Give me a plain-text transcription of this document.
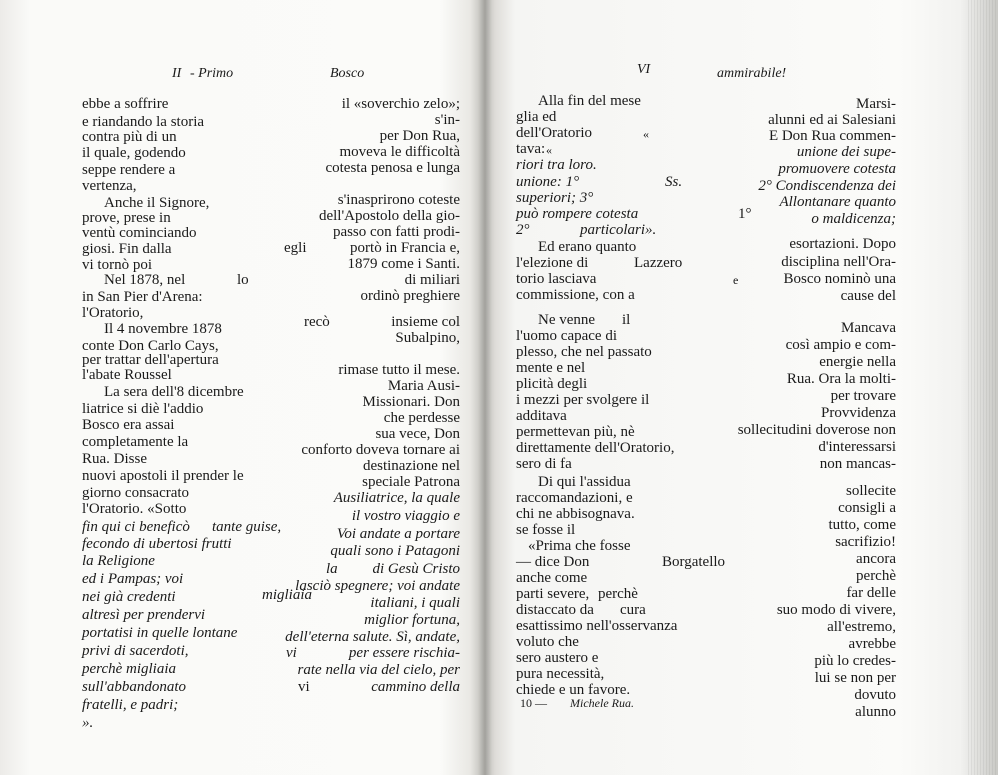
II - Primo	Bosco	VI	ammirabile!
ebbe a soffrire
e riandando la storia
contra più di un
il quale, godendo
seppe rendere a
vertenza,
Anche il Signore,
prove, prese in
ventù cominciando
giosi. Fin dalla
vi tornò poi
Nel 1878, nel	lo
in San Pier d'Arena:
l'Oratorio,
Il 4 novembre 1878
conte Don Carlo Cays,
per trattar dell'apertura
l'abate Roussel
La sera dell'8 dicembre
liatrice si diè l'addio
Bosco era assai
completamente la
Rua. Disse
nuovi apostoli il prender le
giorno consacrato
l'Oratorio. «Sotto
fin qui ci beneficò tante guise,
fecondo di ubertosi frutti
la Religione
ed i Pampas; voi
nei già credenti
altresì per prendervi
migliaia
portatisi in quelle lontane
privi di sacerdoti,
perchè migliaia
sull'abbandonato
fratelli, e padri;
».
il «soverchio zelo»;
s'in-
per Don Rua,
moveva le difficoltà
cotesta penosa e lunga
s'inasprirono coteste
dell'Apostolo della gio-
passo con fatti prodi-
egli	portò in Francia e,
1879 come i Santi.
di miliari
ordinò preghiere
recò	insieme col
Subalpino,
rimase tutto il mese.
Maria Ausi-
Missionari. Don
che perdesse
sua vece, Don
conforto doveva tornare ai
destinazione nel
speciale Patrona
Ausiliatrice, la quale
il vostro viaggio e
Voi andate a portare
quali sono i Patagoni
la	di Gesù Cristo
lasciò spegnere; voi andate
italiani, i quali
miglior fortuna,
dell'eterna salute. Sì, andate,
vi	per essere rischia-
rate nella via del cielo, per
cammino della
vi
Alla fin del mese
glia ed
dell'Oratorio	«
tava: «
riori tra loro.
unione: 1°	Ss.
superiori; 3°
può rompere cotesta
2°	particolari».
Ed erano quanto
l'elezione di	Lazzero
torio lasciava	e
commissione, con a
Ne venne il
l'uomo capace di
plesso, che nel passato
mente e nel
plicità degli
i mezzi per svolgere il
additava
permettevan più, nè
direttamente dell'Oratorio,
sero di fa
Di qui l'assidua
raccomandazioni, e
chi ne abbisognava.
se fosse il
«Prima che fosse
— dice Don	Borgatello
anche come
parti severe, perchè
distaccato da cura
esattissimo nell'osservanza
voluto che
sero austero e
pura necessità,
chiede e un favore.
Marsi-
alunni ed ai Salesiani
E Don Rua commen-
unione dei supe-
promuovere cotesta
2° Condiscendenza dei
Allontanare quanto
1°	o maldicenza;
esortazioni. Dopo
disciplina nell'Ora-
Bosco nominò una
cause del
Mancava
così ampio e com-
energie nella
Rua. Ora la molti-
per trovare
Provvidenza
sollecitudini doverose non
d'interessarsi
non mancas-
sollecite
consigli a
tutto, come
sacrifizio!
ancora
perchè
far delle
suo modo di vivere,
all'estremo,
avrebbe
più lo credes-
lui se non per
dovuto
alunno
10 — Michele Rua.
